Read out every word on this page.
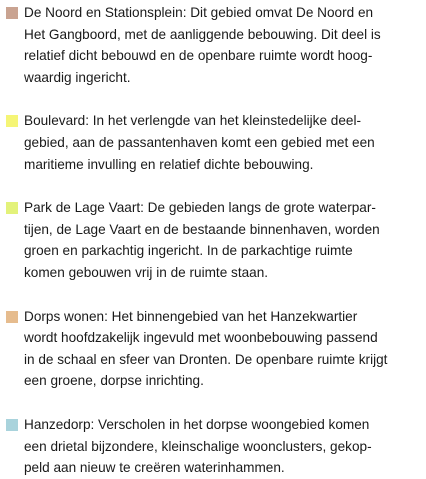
De Noord en Stationsplein: Dit gebied omvat De Noord en
Het Gangboord, met de aanliggende bebouwing. Dit deel is
relatief dicht bebouwd en de openbare ruimte wordt hoog-
waardig ingericht.
Boulevard: In het verlengde van het kleinstedelijke deel-
gebied, aan de passantenhaven komt een gebied met een
maritieme invulling en relatief dichte bebouwing.
Park de Lage Vaart: De gebieden langs de grote waterpar-
tijen, de Lage Vaart en de bestaande binnenhaven, worden
groen en parkachtig ingericht. In de parkachtige ruimte
komen gebouwen vrij in de ruimte staan.
Dorps wonen: Het binnengebied van het Hanzekwartier
wordt hoofdzakelijk ingevuld met woonbebouwing passend
in de schaal en sfeer van Dronten. De openbare ruimte krijgt
een groene, dorpse inrichting.
Hanzedorp: Verscholen in het dorpse woongebied komen
een drietal bijzondere, kleinschalige woonclusters, gekop-
peld aan nieuw te creëren waterinhammen.
